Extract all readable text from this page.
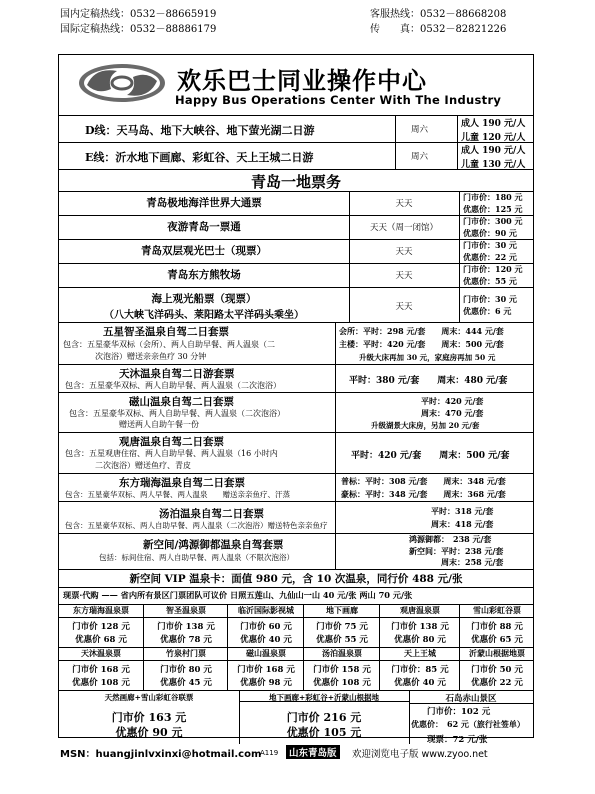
国内定稿热线：0532－88665919
国际定稿热线：0532－88886179
客服热线：0532－88668208
传　　真：0532－82821226
欢乐巴士同业操作中心
Happy Bus Operations Center With The Industry
D线：天马岛、地下大峡谷、地下萤光湖二日游	周六
成人 190 元/人
儿童 120 元/人
E线：沂水地下画廊、彩虹谷、天上王城二日游	周六
成人 190 元/人
儿童 130 元/人
青岛一地票务
青岛极地海洋世界大通票	天天
门市价：180 元
优惠价：125 元
夜游青岛一票通	天天（周一闭馆）
门市价：300 元
优惠价：90 元
青岛双层观光巴士（现票）	天天
门市价：30 元
优惠价：22 元
青岛东方熊牧场	天天
门市价：120 元
优惠价：55 元
海上观光船票（现票）
（八大峡飞洋码头、莱阳路太平洋码头乘坐）
天天
门市价：30 元
优惠价：6 元
五星智圣温泉自驾二日套票
包含：五星豪华双标（会所）、两人自助早餐、两人温泉（二
次泡浴）赠送亲亲鱼疗 30 分钟
会所：平时：298 元/套　　周末：444 元/套
主楼：平时：420 元/套　　周末：500 元/套
升级大床再加 30 元，家庭房再加 50 元
天沐温泉自驾二日游套票
包含：五星豪华双标、两人自助早餐、两人温泉（二次泡浴）	平时：380 元/套　　周末：480 元/套
磁山温泉自驾二日套票
包含：五星豪华双标、两人自助早餐、两人温泉（二次泡浴）
赠送两人自助午餐一份
平时：420 元/套
周末：470 元/套
升级湖景大床房，另加 20 元/套
观唐温泉自驾二日套票
包含：五星观唐住宿、两人自助早餐、两人温泉（16 小时内
二次泡浴）赠送鱼疗、青皮
平时：420 元/套　　周末：500 元/套
东方瑞海温泉自驾二日套票
包含：五星豪华双标、两人早餐、两人温泉　　赠送亲亲鱼疗、汗蒸
普标：平时：308 元/套　　周末：348 元/套
豪标：平时：348 元/套　　周末：368 元/套
汤泊温泉自驾二日套票
包含：五星豪华双标、两人自助早餐、两人温泉（二次泡浴）赠送特色亲亲鱼疗
平时：318 元/套
周末：418 元/套
新空间/鸿源御都温泉自驾套票
包括：标间住宿、两人自助早餐、两人温泉（不限次泡浴）
鸿源御都：　238 元/套
新空间：平时：238 元/套
周末：258 元/套
新空间 VIP 温泉卡：面值 980 元，含 10 次温泉，同行价 488 元/张
现票·代购 —— 省内所有景区门票团队可议价 日照五莲山、九仙山一山 40 元/张 两山 70 元/张
东方瑞海温泉票
门市价 128 元
优惠价 68 元
智圣温泉票
门市价 138 元
优惠价 78 元
临沂国际影视城
门市价 60 元
优惠价 40 元
地下画廊
门市价 75 元
优惠价 55 元
观唐温泉票
门市价 138 元
优惠价 80 元
雪山彩虹谷票
门市价 88 元
优惠价 65 元
天沐温泉票
门市价 168 元
优惠价 108 元
竹泉村门票
门市价 80 元
优惠价 45 元
磁山温泉票
门市价 168 元
优惠价 98 元
汤泊温泉票
门市价 158 元
优惠价 108 元
天上王城
门市价：85 元
优惠价 40 元
沂蒙山根据地票
门市价 50 元
优惠价 22 元
天然画廊+雪山彩虹谷联票
门市价 163 元
优惠价 90 元
地下画廊+彩虹谷+沂蒙山根据地
门市价 216 元
优惠价 105 元
石岛赤山景区
门市价：102 元
优惠价：　62 元（旅行社签单）
现票：72 元/张
MSN：huangjinlvxinxi@hotmail.com
A119	山东青岛版	欢迎浏览电子版 www.zyoo.net
